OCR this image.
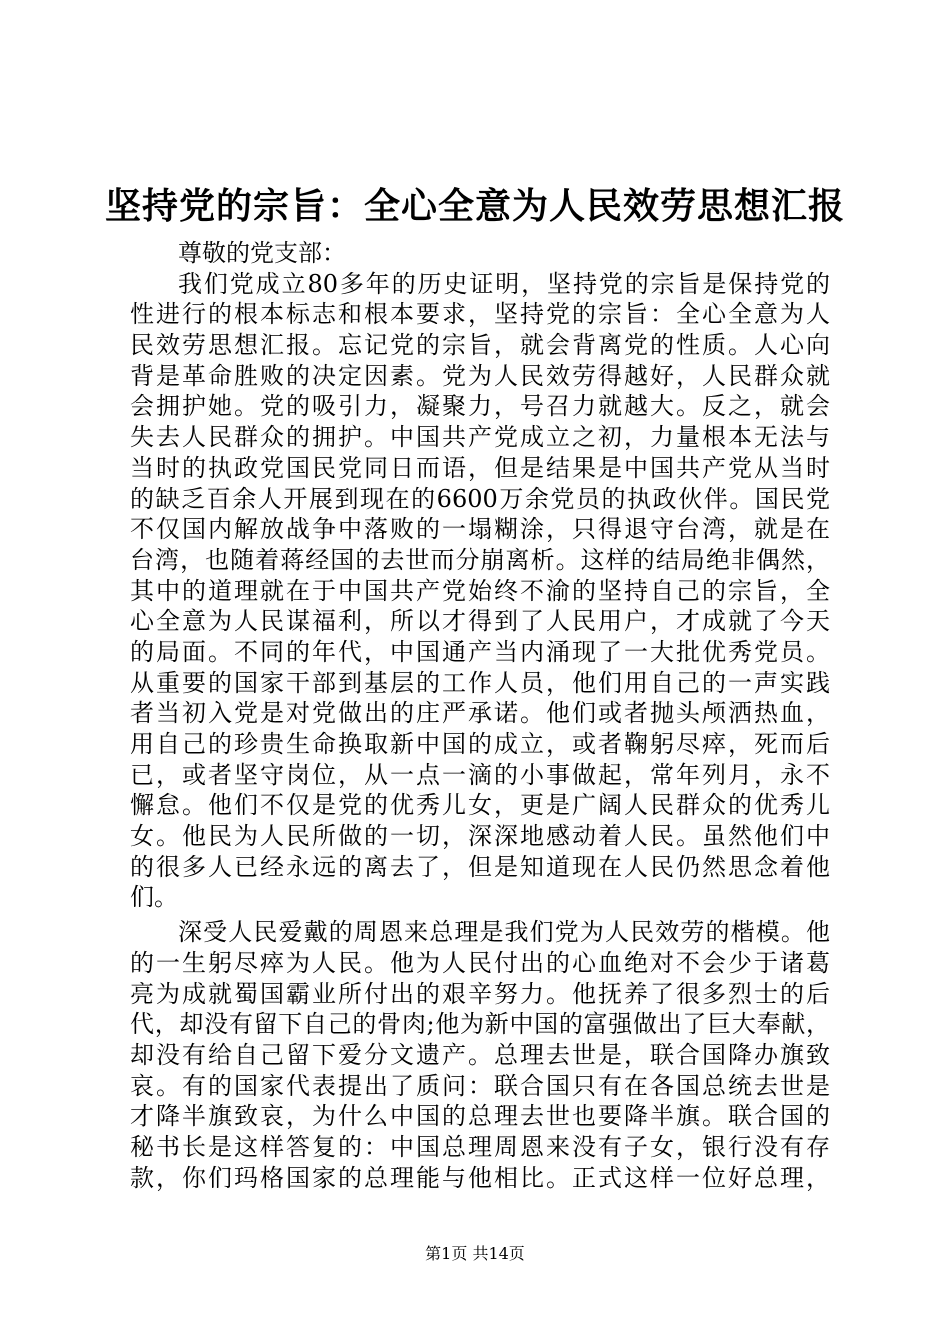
坚持党的宗旨：全心全意为人民效劳思想汇报
尊敬的党支部：
我们党成立80多年的历史证明，坚持党的宗旨是保持党的
性进行的根本标志和根本要求，坚持党的宗旨：全心全意为人
民效劳思想汇报。忘记党的宗旨，就会背离党的性质。人心向
背是革命胜败的决定因素。党为人民效劳得越好，人民群众就
会拥护她。党的吸引力，凝聚力，号召力就越大。反之，就会
失去人民群众的拥护。中国共产党成立之初，力量根本无法与
当时的执政党国民党同日而语，但是结果是中国共产党从当时
的缺乏百余人开展到现在的6600万余党员的执政伙伴。国民党
不仅国内解放战争中落败的一塌糊涂，只得退守台湾，就是在
台湾，也随着蒋经国的去世而分崩离析。这样的结局绝非偶然，
其中的道理就在于中国共产党始终不渝的坚持自己的宗旨，全
心全意为人民谋福利，所以才得到了人民用户，才成就了今天
的局面。不同的年代，中国通产当内涌现了一大批优秀党员。
从重要的国家干部到基层的工作人员，他们用自己的一声实践
者当初入党是对党做出的庄严承诺。他们或者抛头颅洒热血，
用自己的珍贵生命换取新中国的成立，或者鞠躬尽瘁，死而后
已，或者坚守岗位，从一点一滴的小事做起，常年列月，永不
懈怠。他们不仅是党的优秀儿女，更是广阔人民群众的优秀儿
女。他民为人民所做的一切，深深地感动着人民。虽然他们中
的很多人已经永远的离去了，但是知道现在人民仍然思念着他
们。
深受人民爱戴的周恩来总理是我们党为人民效劳的楷模。他
的一生躬尽瘁为人民。他为人民付出的心血绝对不会少于诸葛
亮为成就蜀国霸业所付出的艰辛努力。他抚养了很多烈士的后
代，却没有留下自己的骨肉;他为新中国的富强做出了巨大奉献，
却没有给自己留下爱分文遗产。总理去世是，联合国降办旗致
哀。有的国家代表提出了质问：联合国只有在各国总统去世是
才降半旗致哀，为什么中国的总理去世也要降半旗。联合国的
秘书长是这样答复的：中国总理周恩来没有子女，银行没有存
款，你们玛格国家的总理能与他相比。正式这样一位好总理，
第1页 共14页
